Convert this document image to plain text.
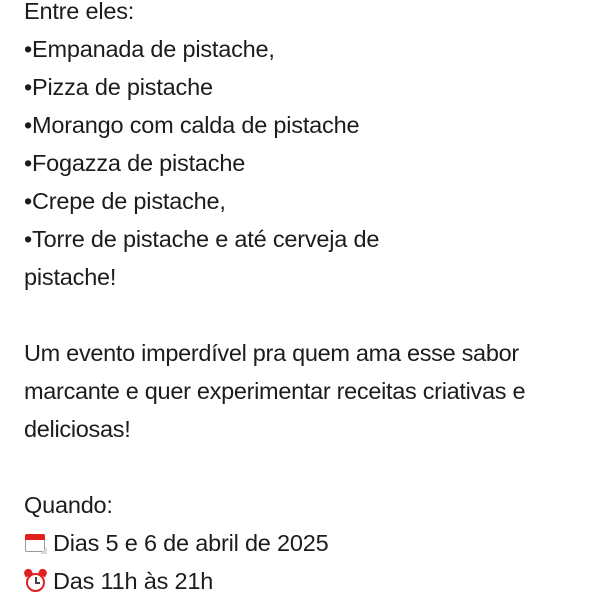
Entre eles:
•Empanada de pistache,
•Pizza de pistache
•Morango com calda de pistache
•Fogazza de pistache
•Crepe de pistache,
•Torre de pistache e até cerveja de
pistache!
Um evento imperdível pra quem ama esse sabor marcante e quer experimentar receitas criativas e deliciosas!
Quando:
Dias 5 e 6 de abril de 2025
Das 11h às 21h
